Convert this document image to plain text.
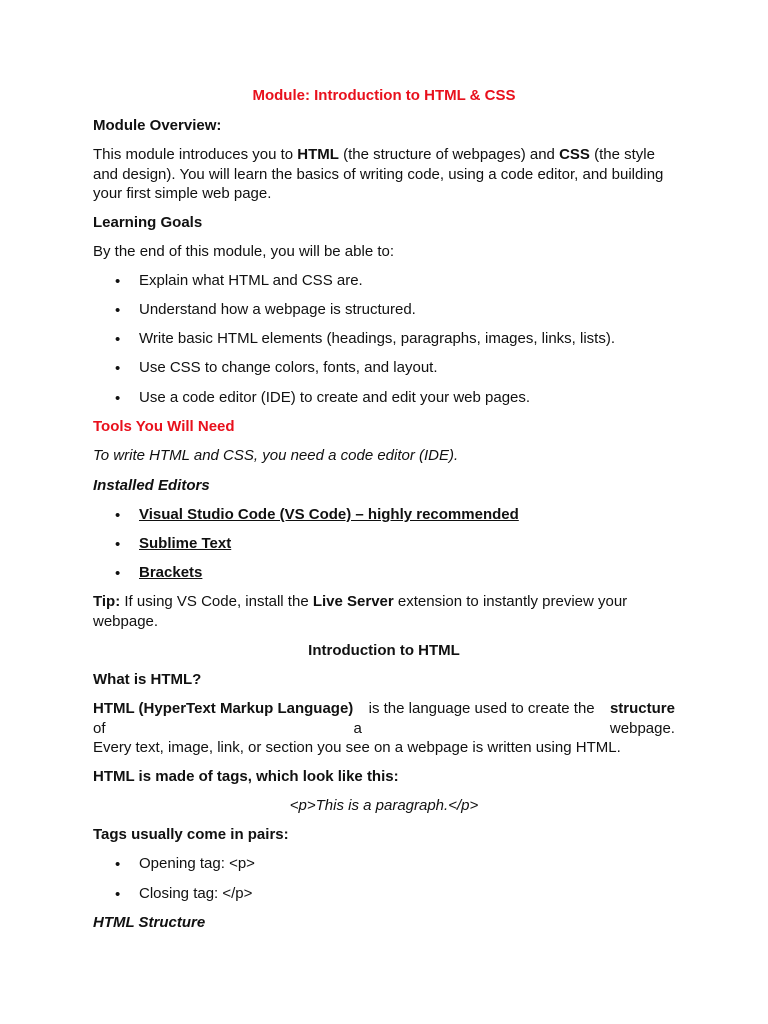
Module: Introduction to HTML & CSS
Module Overview:
This module introduces you to HTML (the structure of webpages) and CSS (the style
and design). You will learn the basics of writing code, using a code editor, and building
your first simple web page.
Learning Goals
By the end of this module, you will be able to:
• Explain what HTML and CSS are.
• Understand how a webpage is structured.
• Write basic HTML elements (headings, paragraphs, images, links, lists).
• Use CSS to change colors, fonts, and layout.
• Use a code editor (IDE) to create and edit your web pages.
Tools You Will Need
To write HTML and CSS, you need a code editor (IDE).
Installed Editors
• Visual Studio Code (VS Code) – highly recommended
• Sublime Text
• Brackets
Tip: If using VS Code, install the Live Server extension to instantly preview your
webpage.
Introduction to HTML
What is HTML?
HTML (HyperText Markup Language) is the language used to create the structure
of	a	webpage.
Every text, image, link, or section you see on a webpage is written using HTML.
HTML is made of tags, which look like this:
<p>This is a paragraph.</p>
Tags usually come in pairs:
• Opening tag: <p>
• Closing tag: </p>
HTML Structure
